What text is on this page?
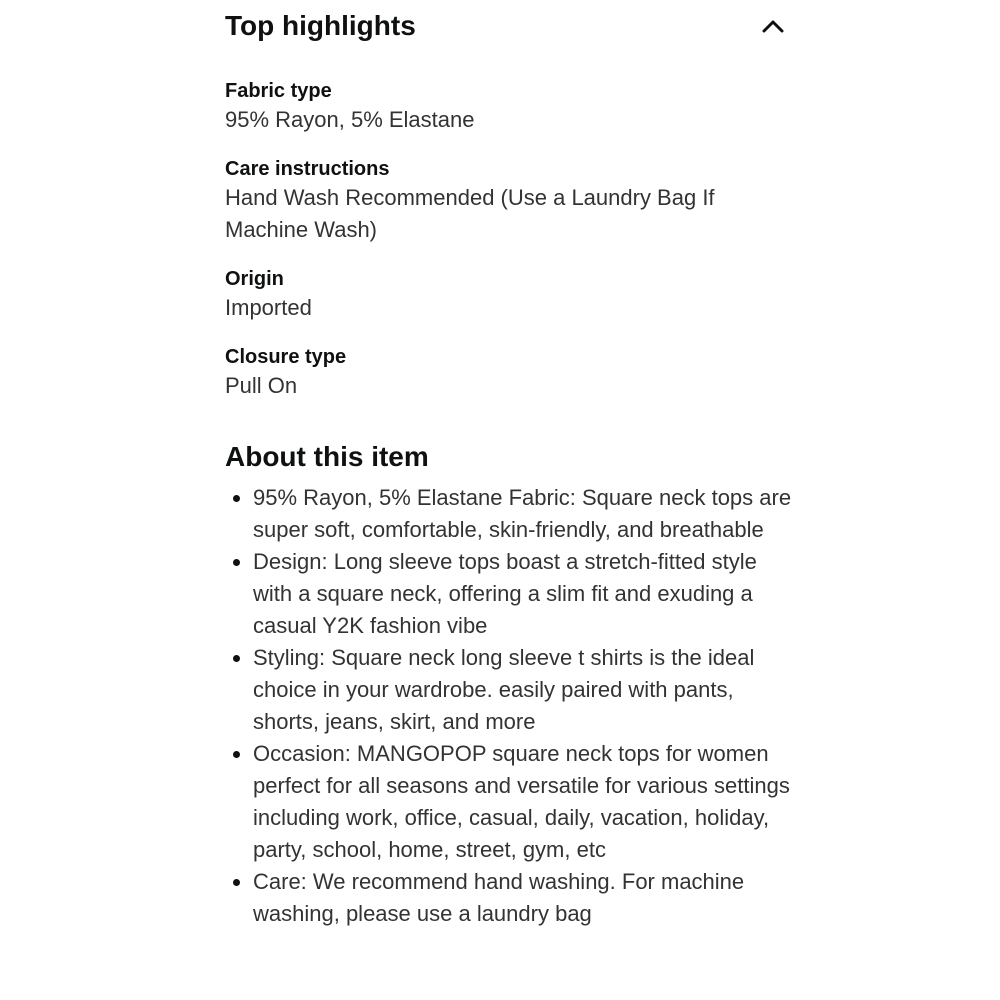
Top highlights
Fabric type
95% Rayon, 5% Elastane
Care instructions
Hand Wash Recommended (Use a Laundry Bag If Machine Wash)
Origin
Imported
Closure type
Pull On
About this item
95% Rayon, 5% Elastane Fabric: Square neck tops are super soft, comfortable, skin-friendly, and breathable
Design: Long sleeve tops boast a stretch-fitted style with a square neck, offering a slim fit and exuding a casual Y2K fashion vibe
Styling: Square neck long sleeve t shirts is the ideal choice in your wardrobe. easily paired with pants, shorts, jeans, skirt, and more
Occasion: MANGOPOP square neck tops for women perfect for all seasons and versatile for various settings including work, office, casual, daily, vacation, holiday, party, school, home, street, gym, etc
Care: We recommend hand washing. For machine washing, please use a laundry bag
